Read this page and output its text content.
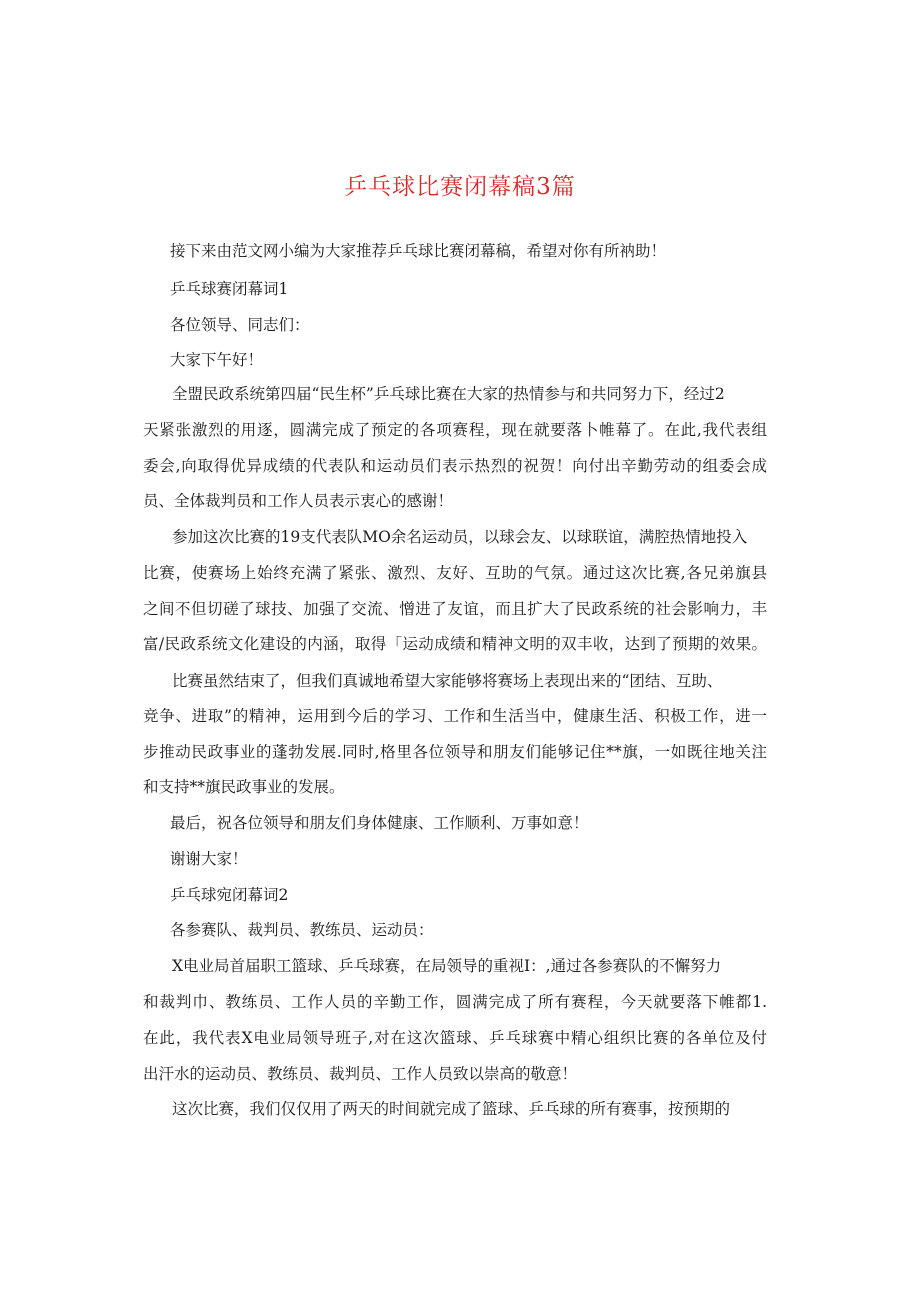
乒乓球比赛闭幕稿3篇
接下来由范文网小编为大家推荐乒乓球比赛闭幕稿，希望对你有所衲助！
乒乓球赛闭幕词1
各位领导、同志们：
大家下午好！
全盟民政系统第四届“民生杯”乒乓球比赛在大家的热情参与和共同努力下，经过2
天紧张激烈的用逐，圆满完成了预定的各项赛程，现在就要落卜帷幕了。在此,我代表组
委会,向取得优异成绩的代表队和运动员们表示热烈的祝贺！向付出辛勤劳动的组委会成
员、全体裁判员和工作人员表示衷心的感谢！
参加这次比赛的19支代表队MO余名运动员，以球会友、以球联谊，满腔热情地投入
比赛，使赛场上始终充满了紧张、激烈、友好、互助的气氛。通过这次比赛,各兄弟旗县
之间不但切磋了球技、加强了交流、憎进了友谊，而且扩大了民政系统的社会影响力，丰
富/民政系统文化建设的内涵，取得「运动成绩和精神文明的双丰收，达到了预期的效果。
比赛虽然结束了，但我们真诚地希望大家能够将赛场上表现出来的“团结、互助、
竞争、进取”的精神，运用到今后的学习、工作和生活当中，健康生活、积极工作，进一
步推动民政事业的蓬勃发展.同时,格里各位领导和朋友们能够记住**旗，一如既往地关注
和支持**旗民政事业的发展。
最后，祝各位领导和朋友们身体健康、工作顺利、万事如意！
谢谢大家！
乒乓球宛闭幕词2
各参赛队、裁判员、教练员、运动员：
X电业局首届职工篮球、乒乓球赛，在局领导的重视I：,通过各参赛队的不懈努力
和裁判巾、教练员、工作人员的辛勤工作，圆满完成了所有赛程，今天就要落下帷都1.
在此，我代表X电业局领导班子,对在这次篮球、乒乓球赛中精心组织比赛的各单位及付
出汗水的运动员、教练员、裁判员、工作人员致以崇高的敬意！
这次比赛，我们仅仅用了两天的时间就完成了篮球、乒乓球的所有赛事，按预期的
